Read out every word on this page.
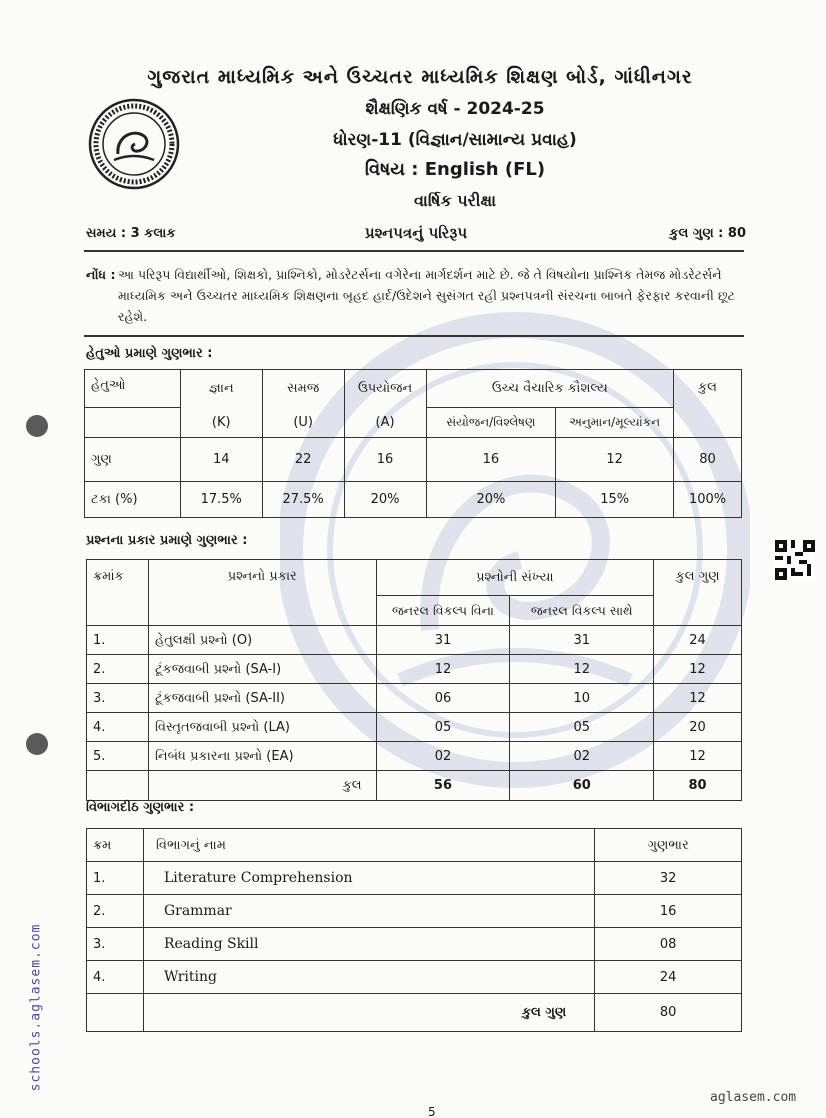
ગુજરાત માધ્યમિક અને ઉચ્ચતર માધ્યમિક શિક્ષણ બોર્ડ, ગાંધીનગર
શૈક્ષણિક વર્ષ - 2024-25
ધોરણ-11 (વિજ્ઞાન/સામાન્ય પ્રવાહ)
વિષય : English (FL)
વાર્ષિક પરીક્ષા
સમય : 3 કલાક	પ્રશ્નપત્રનું પરિરૂપ	કુલ ગુણ : 80
નોંધ : આ પરિરૂપ વિદ્યાર્થીઓ, શિક્ષકો, પ્રાશ્નિકો, મોડરેટર્સના વગેરેના માર્ગદર્શન માટે છે. જે તે વિષયોના પ્રાશ્નિક તેમજ મોડરેટર્સને માધ્યમિક અને ઉચ્ચતર માધ્યમિક શિક્ષણના બૃહદ હાર્દ/ઉદેશને સુસંગત રહી પ્રશ્નપત્રની સંરચના બાબતે ફેરફાર કરવાની છૂટ રહેશે.
હેતુઓ પ્રમાણે ગુણભાર :
હેતુઓ	જ્ઞાન	સમજ	ઉપયોજન	ઉચ્ચ વૈચારિક કૌશલ્ય		કુલ
	(K)	(U)	(A)	સંયોજન/વિશ્લેષણ	અનુમાન/મૂલ્યાંકન	
ગુણ	14	22	16	16	12	80
ટકા (%)	17.5%	27.5%	20%	20%	15%	100%
પ્રશ્નના પ્રકાર પ્રમાણે ગુણભાર :
ક્રમાંક	પ્રશ્નનો પ્રકાર	પ્રશ્નોની સંખ્યા		કુલ ગુણ
		જનરલ વિકલ્પ વિના	જનરલ વિકલ્પ સાથે	
1.	હેતુલક્ષી પ્રશ્નો (O)	31	31	24
2.	ટૂંકજવાબી પ્રશ્નો (SA-I)	12	12	12
3.	ટૂંકજવાબી પ્રશ્નો (SA-II)	06	10	12
4.	વિસ્તૃતજવાબી પ્રશ્નો (LA)	05	05	20
5.	નિબંધ પ્રકારના પ્રશ્નો (EA)	02	02	12
	કુલ	56	60	80
વિભાગદીઠ ગુણભાર :
ક્રમ	વિભાગનું નામ	ગુણભાર
1.	Literature Comprehension	32
2.	Grammar	16
3.	Reading Skill	08
4.	Writing	24
	કુલ ગુણ	80
schools.aglasem.com
aglasem.com
5
